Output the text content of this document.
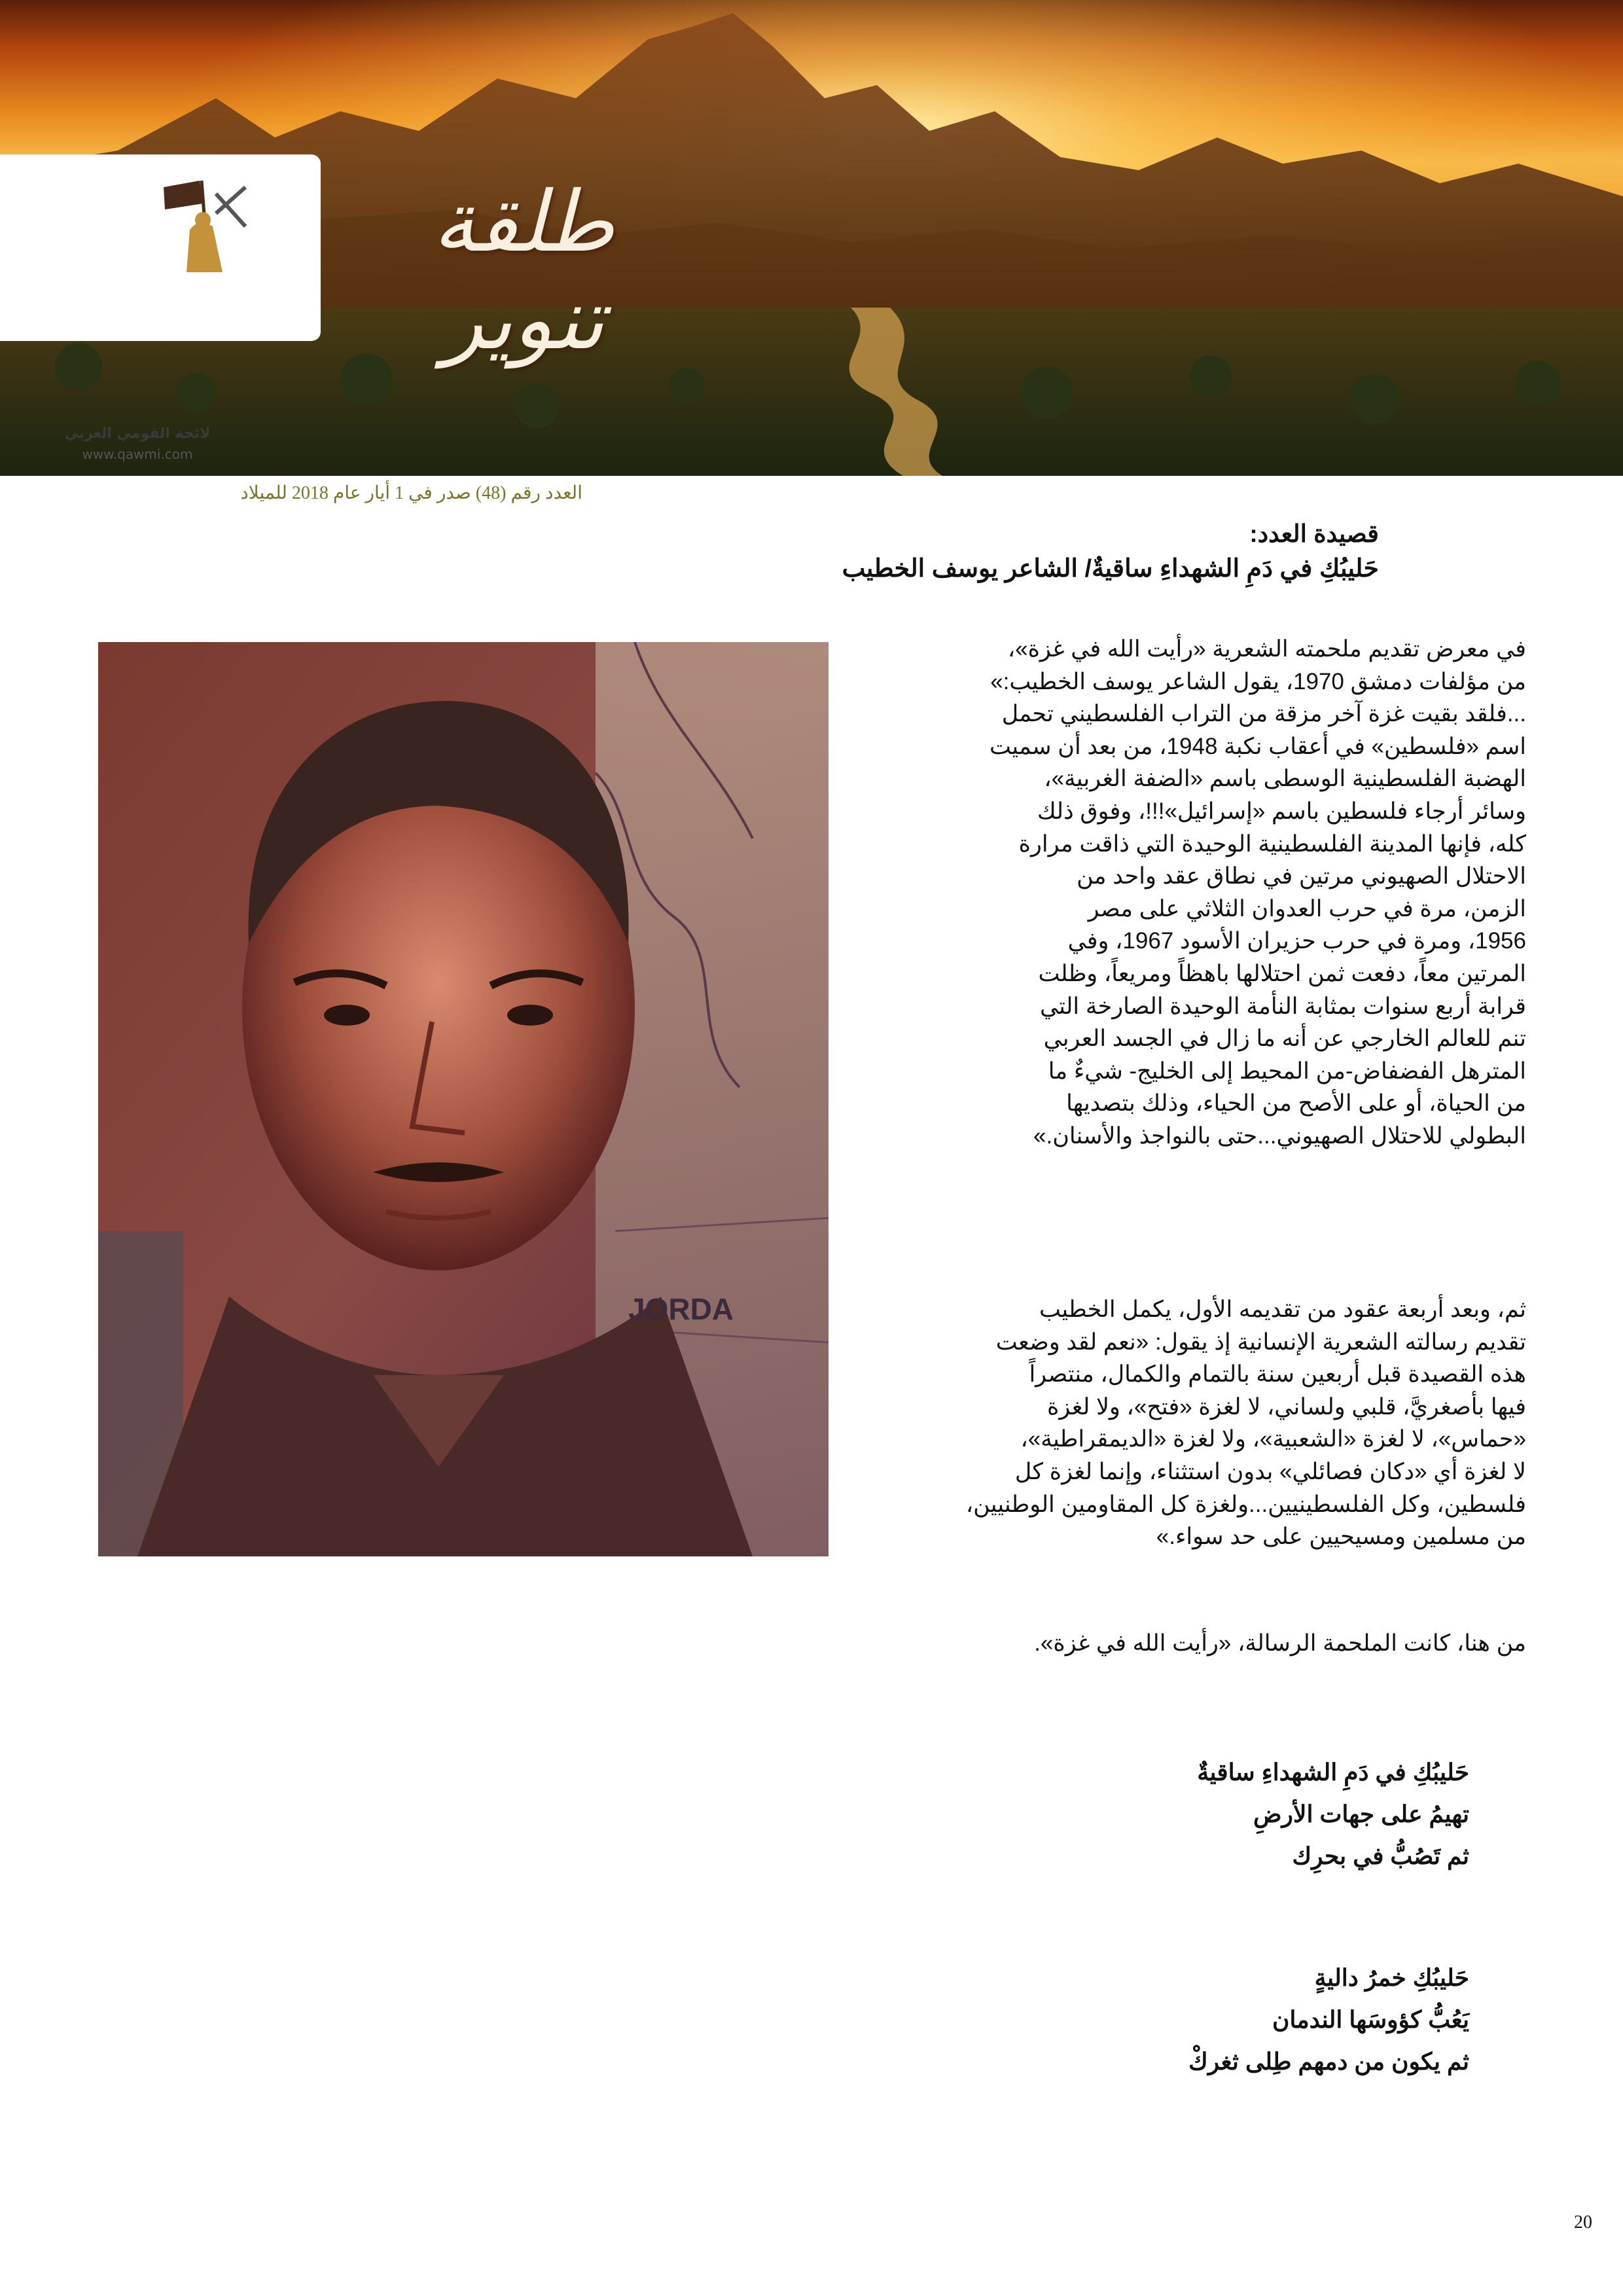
لائحة القومي العربي
www.qawmi.com
طلقة تنوير
العدد رقم (48) صدر في 1 أيار عام 2018 للميلاد
قصيدة العدد:
حَليبُكِ في دَمِ الشهداءِ ساقيةٌ/ الشاعر يوسف الخطيب
JORDA
في معرض تقديم ملحمته الشعرية «رأيت الله في غزة»،
من مؤلفات دمشق 1970، يقول الشاعر يوسف الخطيب:»
...فلقد بقيت غزة آخر مزقة من التراب الفلسطيني تحمل
اسم «فلسطين» في أعقاب نكبة 1948، من بعد أن سميت
الهضبة الفلسطينية الوسطى باسم «الضفة الغربية»،
وسائر أرجاء فلسطين باسم «إسرائيل»!!!، وفوق ذلك
كله، فإنها المدينة الفلسطينية الوحيدة التي ذاقت مرارة
الاحتلال الصهيوني مرتين في نطاق عقد واحد من
الزمن، مرة في حرب العدوان الثلاثي على مصر
1956، ومرة في حرب حزيران الأسود 1967، وفي
المرتين معاً، دفعت ثمن احتلالها باهظاً ومريعاً، وظلت
قرابة أربع سنوات بمثابة النأمة الوحيدة الصارخة التي
تنم للعالم الخارجي عن أنه ما زال في الجسد العربي
المترهل الفضفاض-من المحيط إلى الخليج- شيءٌ ما
من الحياة، أو على الأصح من الحياء، وذلك بتصديها
البطولي للاحتلال الصهيوني...حتى بالنواجذ والأسنان.»
ثم، وبعد أربعة عقود من تقديمه الأول، يكمل الخطيب
تقديم رسالته الشعرية الإنسانية إذ يقول: «نعم لقد وضعت
هذه القصيدة قبل أربعين سنة بالتمام والكمال، منتصراً
فيها بأصغريَّ، قلبي ولساني، لا لغزة «فتح»، ولا لغزة
«حماس»، لا لغزة «الشعبية»، ولا لغزة «الديمقراطية»،
لا لغزة أي «دكان فصائلي» بدون استثناء، وإنما لغزة كل
فلسطين، وكل الفلسطينيين...ولغزة كل المقاومين الوطنيين،
من مسلمين ومسيحيين على حد سواء.»
من هنا، كانت الملحمة الرسالة، «رأيت الله في غزة».
حَليبُكِ في دَمِ الشهداءِ ساقيةٌ
تهيمُ على جهات الأرضِ
ثم تَصُبُّ في بحرِك
حَليبُكِ خمرُ داليةٍ
يَعُبُّ كؤوسَها الندمان
ثم يكون من دمهم طِلى ثغركْ
20
